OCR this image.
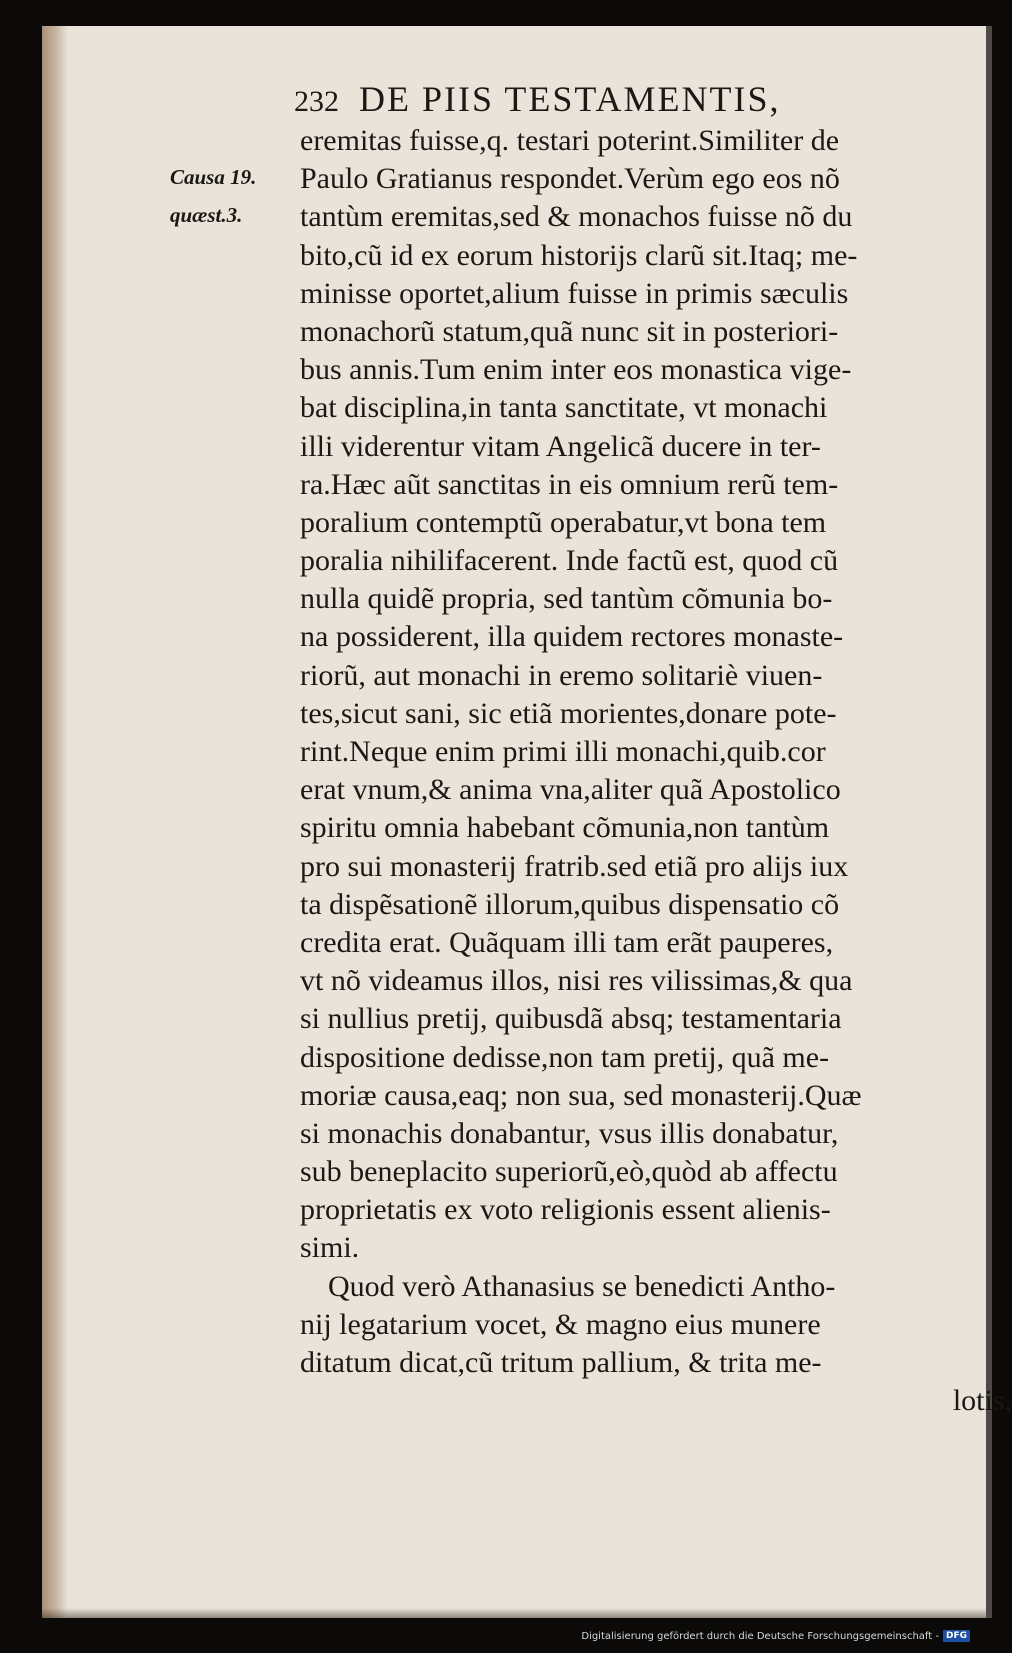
232 DE PIIS TESTAMENTIS,
Causa 19.
quæst.3.
eremitas fuisse,q. testari poterint.Similiter de
Paulo Gratianus respondet.Verùm ego eos nõ
tantùm eremitas,sed & monachos fuisse nõ du
bito,cũ id ex eorum historijs clarũ sit.Itaq; me-
minisse oportet,alium fuisse in primis sæculis
monachorũ statum,quã nunc sit in posteriori-
bus annis.Tum enim inter eos monastica vige-
bat disciplina,in tanta sanctitate, vt monachi
illi viderentur vitam Angelicã ducere in ter-
ra.Hæc aũt sanctitas in eis omnium rerũ tem-
poralium contemptũ operabatur,vt bona tem
poralia nihilifacerent. Inde factũ est, quod cũ
nulla quidẽ propria, sed tantùm cõmunia bo-
na possiderent, illa quidem rectores monaste-
riorũ, aut monachi in eremo solitariè viuen-
tes,sicut sani, sic etiã morientes,donare pote-
rint.Neque enim primi illi monachi,quib.cor
erat vnum,& anima vna,aliter quã Apostolico
spiritu omnia habebant cõmunia,non tantùm
pro sui monasterij fratrib.sed etiã pro alijs iux
ta dispẽsationẽ illorum,quibus dispensatio cõ
credita erat. Quãquam illi tam erãt pauperes,
vt nõ videamus illos, nisi res vilissimas,& qua
si nullius pretij, quibusdã absq; testamentaria
dispositione dedisse,non tam pretij, quã me-
moriæ causa,eaq; non sua, sed monasterij.Quæ
si monachis donabantur, vsus illis donabatur,
sub beneplacito superiorũ,eò,quòd ab affectu
proprietatis ex voto religionis essent alienis-
simi.
Quod verò Athanasius se benedicti Antho-
nij legatarium vocet, & magno eius munere
ditatum dicat,cũ tritum pallium, & trita me-
lotis,
Digitalisierung gefördert durch die Deutsche Forschungsgemeinschaft - DFG
